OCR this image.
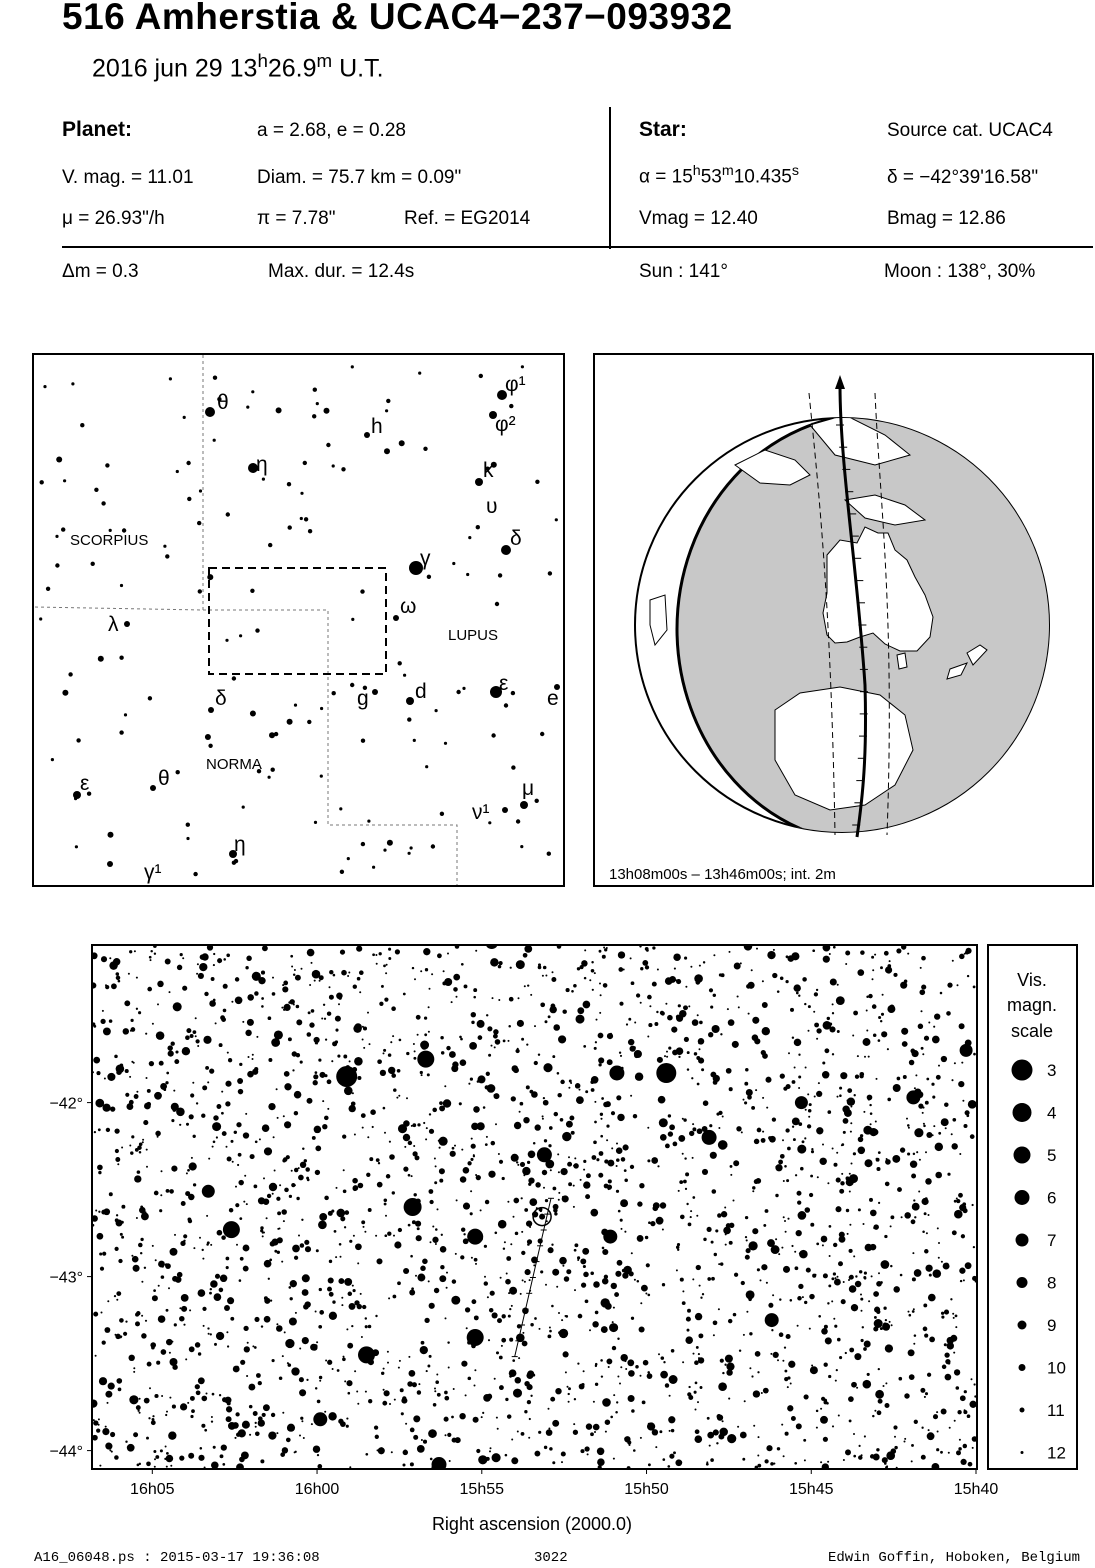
516 Amherstia & UCAC4−237−093932
2016 jun 29 13$^h$26.9$^m$ U.T.
Planet:	a = 2.68, e = 0.28
V. mag. = 11.01	Diam. = 75.7 km = 0.09"
μ = 26.93"/h	π = 7.78"	Ref. = EG2014
Star:	Source cat. UCAC4
$\alpha = 15^h53^m10.435^s$	δ = −42°39'16.58"
Vmag = 12.40	Bmag = 12.86
Δm = 0.3	Max. dur. = 12.4s	Sun : 141°	Moon : 138°, 30%
SCORPIUS
LUPUS
NORMA
θ
η
h
φ¹
φ²
k
υ
δ
γ
ω
λ
δ	g d	ε
e
ε	θ
ν¹
μ
η
γ¹	13h08m00s – 13h46m00s; int. 2m
16h05	16h00	15h55	15h50	15h45	15h40
−42°
−43°
−44°
Right ascension (2000.0)
Vis.
magn.
scale
3
4
5
6
7
8
9
10
11
12
A16_06048.ps : 2015-03-17 19:36:08	3022	Edwin Goffin, Hoboken, Belgium
